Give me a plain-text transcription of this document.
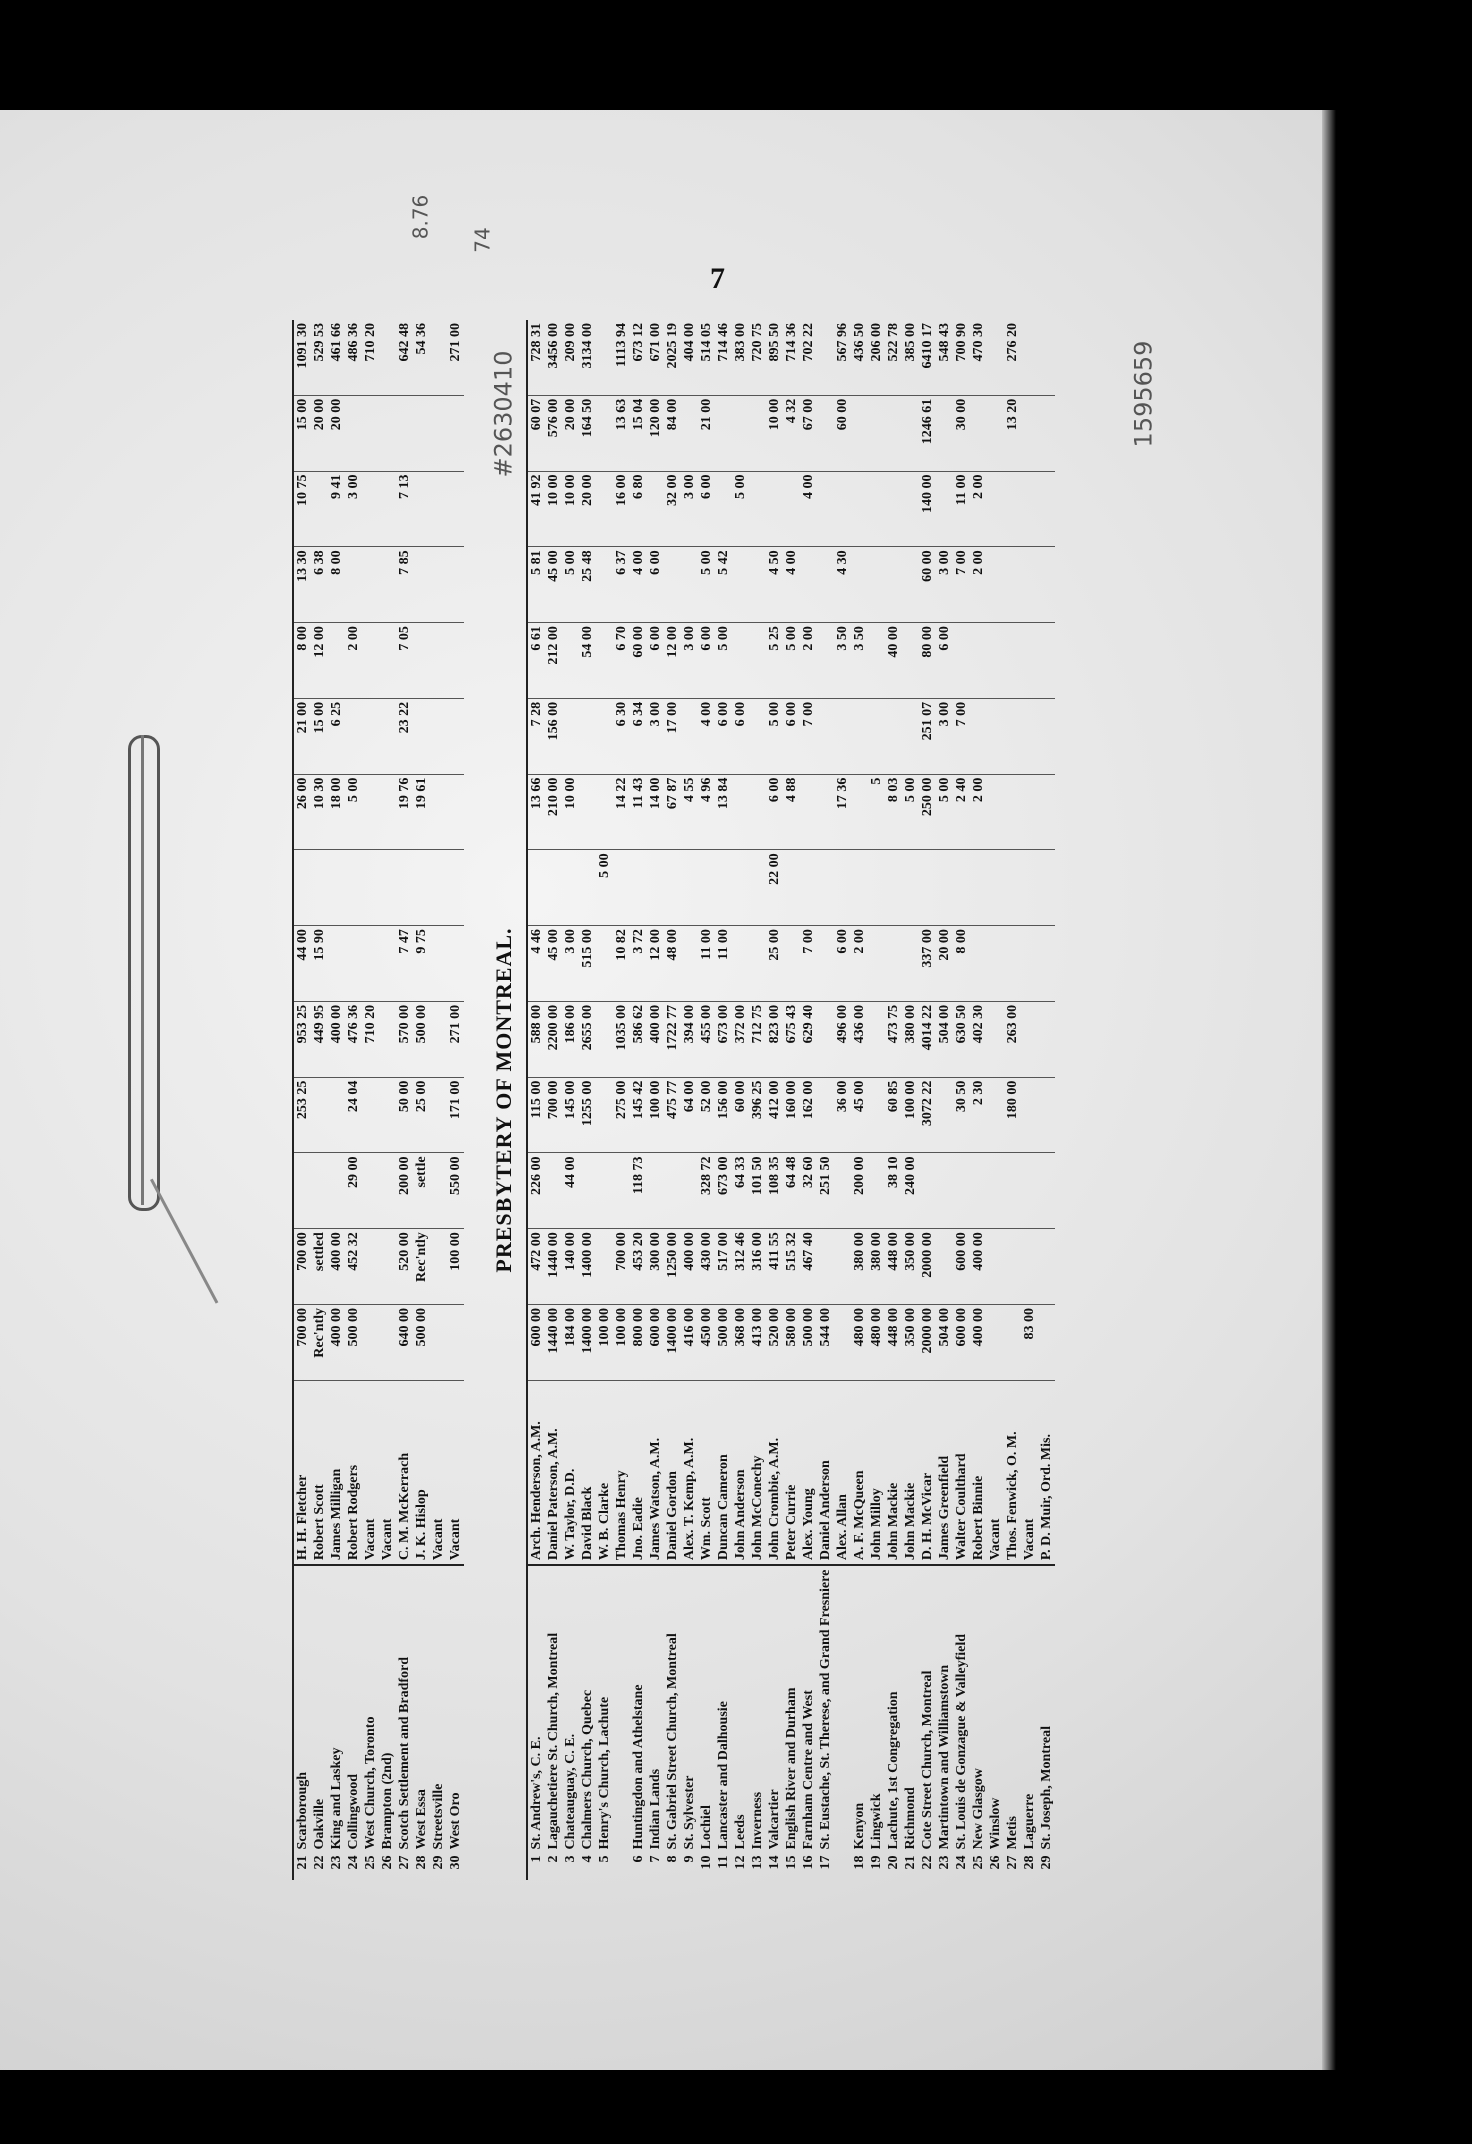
7
8.76
74
#2630410	1595659
21
Scarborough
H. H. Fletcher
700 00
700 00
253 25
953 25
44 00
26 00
21 00
8 00
13 30
10 75
15 00
1091 30
22
Oakville
Robert Scott
Rec'ntly
settled
449 95
15 90
10 30
15 00
12 00
6 38
20 00
529 53
23
King and Laskey
James Milligan
400 00
400 00
400 00
18 00
6 25
8 00
9 41
20 00
461 66
24
Collingwood
Robert Rodgers
500 00
452 32
29 00
24 04
476 36
5 00
2 00
3 00
486 36
25
West Church, Toronto
Vacant
710 20
710 20
26
Brampton (2nd)
Vacant
27
Scotch Settlement and Bradford
C. M. McKerrach
640 00
520 00
200 00
50 00
570 00
7 47
19 76
23 22
7 05
7 85
7 13
642 48
28
West Essa
J. K. Hislop
500 00
Rec'ntly
settle
25 00
500 00
9 75
19 61
54 36
29
Streetsville
Vacant
30
West Oro
Vacant
100 00
550 00
171 00
271 00
271 00
PRESBYTERY OF MONTREAL.
1
St. Andrew's, C. E.
Arch. Henderson, A.M.
600 00
472 00
226 00
115 00
588 00
4 46
13 66
7 28
6 61
5 81
41 92
60 07
728 31
2
Lagauchetiere St. Church, Montreal
Daniel Paterson, A.M.
1440 00
1440 00
700 00
2200 00
45 00
210 00
156 00
212 00
45 00
10 00
576 00
3456 00
3
Chateauguay, C. E.
W. Taylor, D.D.
184 00
140 00
44 00
145 00
186 00
3 00
10 00
5 00
10 00
20 00
209 00
4
Chalmers Church, Quebec
David Black
1400 00
1400 00
1255 00
2655 00
515 00
54 00
25 48
20 00
164 50
3134 00
5
Henry's Church, Lachute
W. B. Clarke
100 00
5 00
Thomas Henry
100 00
700 00
275 00
1035 00
10 82
14 22
6 30
6 70
6 37
16 00
13 63
1113 94
6
Huntingdon and Athelstane
Jno. Eadie
800 00
453 20
118 73
145 42
586 62
3 72
11 43
6 34
60 00
4 00
6 80
15 04
673 12
7
Indian Lands
James Watson, A.M.
600 00
300 00
100 00
400 00
12 00
14 00
3 00
6 00
6 00
120 00
671 00
8
St. Gabriel Street Church, Montreal
Daniel Gordon
1400 00
1250 00
475 77
1722 77
48 00
67 87
17 00
12 00
32 00
84 00
2025 19
9
St. Sylvester
Alex. T. Kemp, A.M.
416 00
400 00
64 00
394 00
4 55
3 00
3 00
404 00
10
Lochiel
Wm. Scott
450 00
430 00
328 72
52 00
455 00
11 00
4 96
4 00
6 00
5 00
6 00
21 00
514 05
11
Lancaster and Dalhousie
Duncan Cameron
500 00
517 00
673 00
156 00
673 00
11 00
13 84
6 00
5 00
5 42
714 46
12
Leeds
John Anderson
368 00
312 46
64 33
60 00
372 00
6 00
5 00
383 00
13
Inverness
John McConechy
413 00
316 00
101 50
396 25
712 75
720 75
14
Valcartier
John Crombie, A.M.
520 00
411 55
108 35
412 00
823 00
25 00
22 00
6 00
5 00
5 25
4 50
10 00
895 50
15
English River and Durham
Peter Currie
580 00
515 32
64 48
160 00
675 43
4 88
6 00
5 00
4 00
4 32
714 36
16
Farnham Centre and West
Alex. Young
500 00
467 40
32 60
162 00
629 40
7 00
7 00
2 00
4 00
67 00
702 22
17
St. Eustache, St. Therese, and Grand Fresniere
Daniel Anderson
544 00
251 50
Alex. Allan
36 00
496 00
6 00
17 36
3 50
4 30
60 00
567 96
18
Kenyon
A. F. McQueen
480 00
380 00
200 00
45 00
436 00
2 00
3 50
436 50
19
Lingwick
John Milloy
480 00
380 00
5
206 00
20
Lachute, 1st Congregation
John Mackie
448 00
448 00
38 10
60 85
473 75
8 03
40 00
522 78
21
Richmond
John Mackie
350 00
350 00
240 00
100 00
380 00
5 00
385 00
22
Cote Street Church, Montreal
D. H. McVicar
2000 00
2000 00
3072 22
4014 22
337 00
250 00
251 07
80 00
60 00
140 00
1246 61
6410 17
23
Martintown and Williamstown
James Greenfield
504 00
504 00
20 00
5 00
3 00
6 00
3 00
548 43
24
St. Louis de Gonzague & Valleyfield
Walter Coulthard
600 00
600 00
30 50
630 50
8 00
2 40
7 00
7 00
11 00
30 00
700 90
25
New Glasgow
Robert Binnie
400 00
400 00
2 30
402 30
2 00
2 00
2 00
470 30
26
Winslow
Vacant
27
Metis
Thos. Fenwick, O. M.
180 00
263 00
13 20
276 20
28
Laguerre
Vacant
83 00
29
St. Joseph, Montreal
P. D. Muir, Ord. Mis.
